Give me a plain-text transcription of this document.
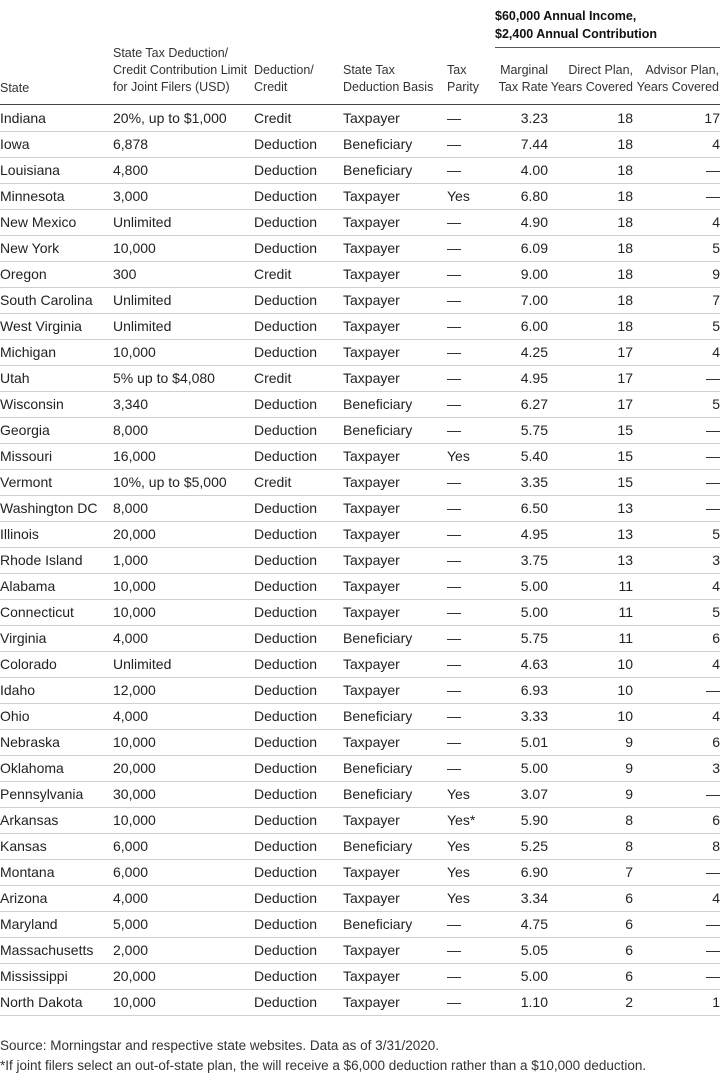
$60,000 Annual Income,
$2,400 Annual Contribution
State
State Tax Deduction/
Credit Contribution Limit
for Joint Filers (USD)
Deduction/
Credit
State Tax
Deduction Basis
Tax
Parity
Marginal
Tax Rate
Direct Plan,
Years Covered
Advisor Plan,
Years Covered
Indiana	20%, up to $1,000	Credit	Taxpayer	—	3.23	18	17
Iowa	6,878	Deduction	Beneficiary	—	7.44	18	4
Louisiana	4,800	Deduction	Beneficiary	—	4.00	18	—
Minnesota	3,000	Deduction	Taxpayer	Yes	6.80	18	—
New Mexico	Unlimited	Deduction	Taxpayer	—	4.90	18	4
New York	10,000	Deduction	Taxpayer	—	6.09	18	5
Oregon	300	Credit	Taxpayer	—	9.00	18	9
South Carolina	Unlimited	Deduction	Taxpayer	—	7.00	18	7
West Virginia	Unlimited	Deduction	Taxpayer	—	6.00	18	5
Michigan	10,000	Deduction	Taxpayer	—	4.25	17	4
Utah	5% up to $4,080	Credit	Taxpayer	—	4.95	17	—
Wisconsin	3,340	Deduction	Beneficiary	—	6.27	17	5
Georgia	8,000	Deduction	Beneficiary	—	5.75	15	—
Missouri	16,000	Deduction	Taxpayer	Yes	5.40	15	—
Vermont	10%, up to $5,000	Credit	Taxpayer	—	3.35	15	—
Washington DC	8,000	Deduction	Taxpayer	—	6.50	13	—
Illinois	20,000	Deduction	Taxpayer	—	4.95	13	5
Rhode Island	1,000	Deduction	Taxpayer	—	3.75	13	3
Alabama	10,000	Deduction	Taxpayer	—	5.00	11	4
Connecticut	10,000	Deduction	Taxpayer	—	5.00	11	5
Virginia	4,000	Deduction	Beneficiary	—	5.75	11	6
Colorado	Unlimited	Deduction	Taxpayer	—	4.63	10	4
Idaho	12,000	Deduction	Taxpayer	—	6.93	10	—
Ohio	4,000	Deduction	Beneficiary	—	3.33	10	4
Nebraska	10,000	Deduction	Taxpayer	—	5.01	9	6
Oklahoma	20,000	Deduction	Beneficiary	—	5.00	9	3
Pennsylvania	30,000	Deduction	Beneficiary	Yes	3.07	9	—
Arkansas	10,000	Deduction	Taxpayer	Yes*	5.90	8	6
Kansas	6,000	Deduction	Beneficiary	Yes	5.25	8	8
Montana	6,000	Deduction	Taxpayer	Yes	6.90	7	—
Arizona	4,000	Deduction	Taxpayer	Yes	3.34	6	4
Maryland	5,000	Deduction	Beneficiary	—	4.75	6	—
Massachusetts	2,000	Deduction	Taxpayer	—	5.05	6	—
Mississippi	20,000	Deduction	Taxpayer	—	5.00	6	—
North Dakota	10,000	Deduction	Taxpayer	—	1.10	2	1
Source: Morningstar and respective state websites. Data as of 3/31/2020.
*If joint filers select an out-of-state plan, the will receive a $6,000 deduction rather than a $10,000 deduction.
